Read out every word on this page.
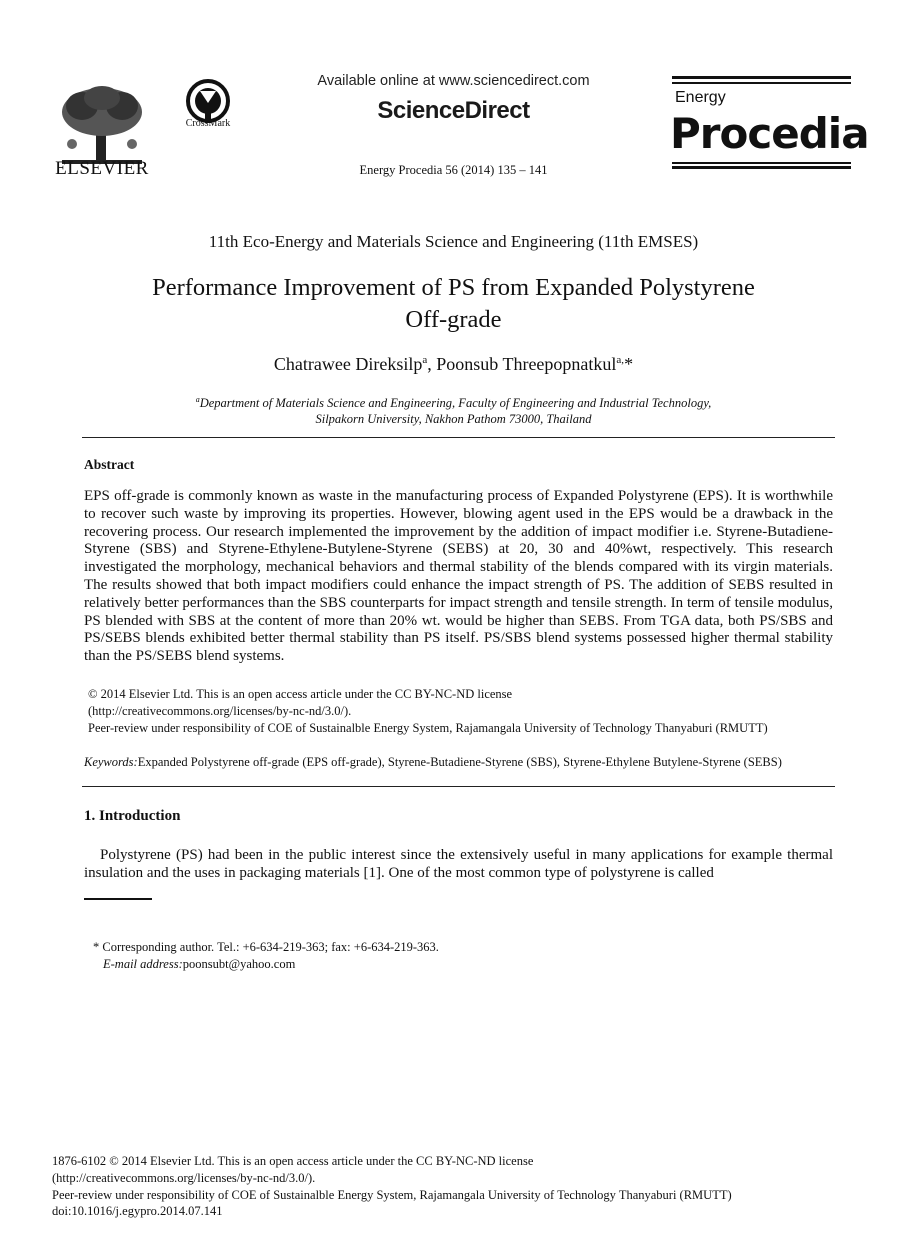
ELSEVIER
CrossMark
Available online at www.sciencedirect.com
ScienceDirect
Energy Procedia 56 (2014) 135 – 141
Energy
Procedia
11th Eco-Energy and Materials Science and Engineering (11th EMSES)
Performance Improvement of PS from Expanded Polystyrene
Off-grade
Chatrawee Direksilp$^a$, Poonsub Threepopnatkul$^{a,}$*
$^a$Department of Materials Science and Engineering, Faculty of Engineering and Industrial Technology,
Silpakorn University, Nakhon Pathom 73000, Thailand
Abstract
EPS off-grade is commonly known as waste in the manufacturing process of Expanded Polystyrene (EPS). It is worthwhile to recover such waste by improving its properties. However, blowing agent used in the EPS would be a drawback in the recovering process. Our research implemented the improvement by the addition of impact modifier i.e. Styrene-Butadiene-Styrene (SBS) and Styrene-Ethylene-Butylene-Styrene (SEBS) at 20, 30 and 40%wt, respectively. This research investigated the morphology, mechanical behaviors and thermal stability of the blends compared with its virgin materials. The results showed that both impact modifiers could enhance the impact strength of PS. The addition of SEBS resulted in relatively better performances than the SBS counterparts for impact strength and tensile strength. In term of tensile modulus, PS blended with SBS at the content of more than 20% wt. would be higher than SEBS. From TGA data, both PS/SBS and PS/SEBS blends exhibited better thermal stability than PS itself. PS/SBS blend systems possessed higher thermal stability than the PS/SEBS blend systems.
© 2014 Elsevier Ltd. This is an open access article under the CC BY-NC-ND license
(http://creativecommons.org/licenses/by-nc-nd/3.0/).
Peer-review under responsibility of COE of Sustainalble Energy System, Rajamangala University of Technology Thanyaburi (RMUTT)
Keywords:Expanded Polystyrene off-grade (EPS off-grade), Styrene-Butadiene-Styrene (SBS), Styrene-Ethylene Butylene-Styrene (SEBS)
1. Introduction
Polystyrene (PS) had been in the public interest since the extensively useful in many applications for example thermal insulation and the uses in packaging materials [1]. One of the most common type of polystyrene is called
* Corresponding author. Tel.: +6-634-219-363; fax: +6-634-219-363.
E-mail address:poonsubt@yahoo.com
1876-6102 © 2014 Elsevier Ltd. This is an open access article under the CC BY-NC-ND license
(http://creativecommons.org/licenses/by-nc-nd/3.0/).
Peer-review under responsibility of COE of Sustainalble Energy System, Rajamangala University of Technology Thanyaburi (RMUTT)
doi:10.1016/j.egypro.2014.07.141
